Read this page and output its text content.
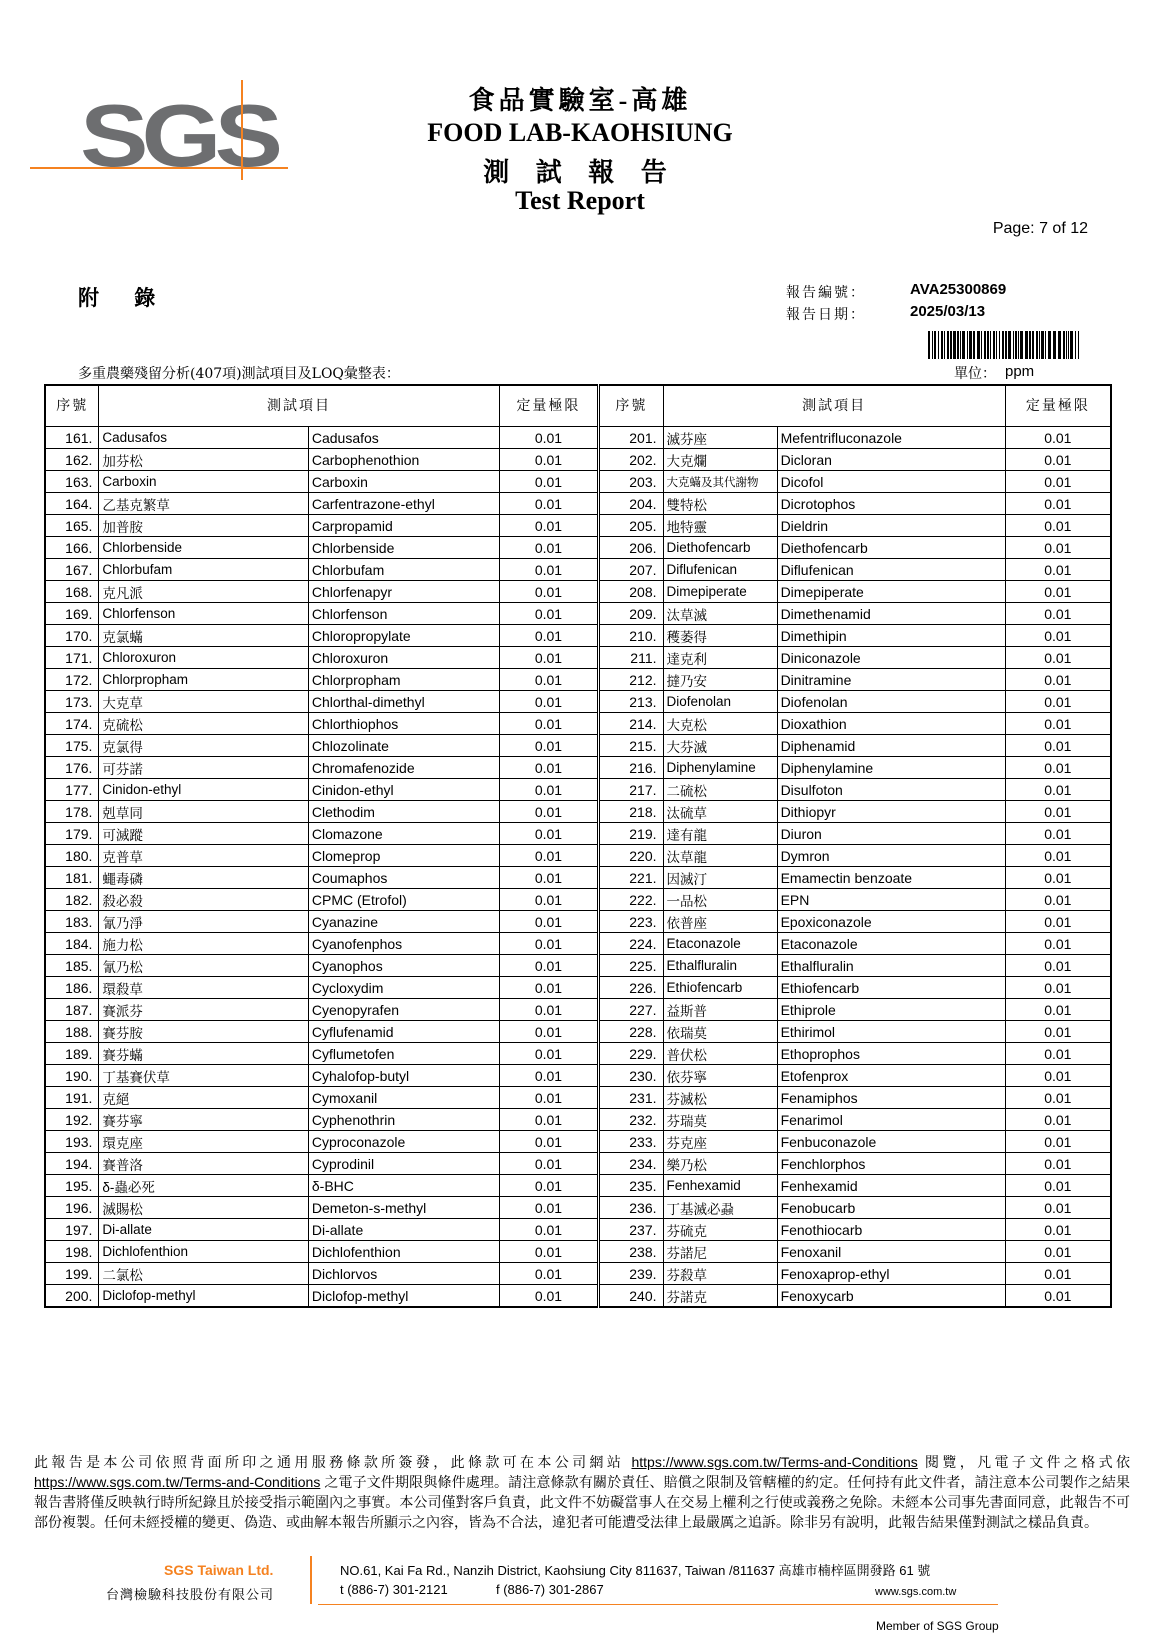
SGS	食品實驗室-高雄
FOOD LAB-KAOHSIUNG
測 試 報 告
Test Report
Page: 7 of 12
附 錄	報告編號：	AVA25300869
報告日期：	2025/03/13
多重農藥殘留分析(407項)測試項目及LOQ彙整表：	單位： ppm
序號	測試項目		定量極限	序號	測試項目		定量極限
161.	Cadusafos	Cadusafos	0.01	201.	滅芬座	Mefentrifluconazole	0.01
162.	加芬松	Carbophenothion	0.01	202.	大克爛	Dicloran	0.01
163.	Carboxin	Carboxin	0.01	203.	大克蟎及其代謝物	Dicofol	0.01
164.	乙基克繁草	Carfentrazone-ethyl	0.01	204.	雙特松	Dicrotophos	0.01
165.	加普胺	Carpropamid	0.01	205.	地特靈	Dieldrin	0.01
166.	Chlorbenside	Chlorbenside	0.01	206.	Diethofencarb	Diethofencarb	0.01
167.	Chlorbufam	Chlorbufam	0.01	207.	Diflufenican	Diflufenican	0.01
168.	克凡派	Chlorfenapyr	0.01	208.	Dimepiperate	Dimepiperate	0.01
169.	Chlorfenson	Chlorfenson	0.01	209.	汰草滅	Dimethenamid	0.01
170.	克氯蟎	Chloropropylate	0.01	210.	穫萎得	Dimethipin	0.01
171.	Chloroxuron	Chloroxuron	0.01	211.	達克利	Diniconazole	0.01
172.	Chlorpropham	Chlorpropham	0.01	212.	撻乃安	Dinitramine	0.01
173.	大克草	Chlorthal-dimethyl	0.01	213.	Diofenolan	Diofenolan	0.01
174.	克硫松	Chlorthiophos	0.01	214.	大克松	Dioxathion	0.01
175.	克氯得	Chlozolinate	0.01	215.	大芬滅	Diphenamid	0.01
176.	可芬諾	Chromafenozide	0.01	216.	Diphenylamine	Diphenylamine	0.01
177.	Cinidon-ethyl	Cinidon-ethyl	0.01	217.	二硫松	Disulfoton	0.01
178.	剋草同	Clethodim	0.01	218.	汰硫草	Dithiopyr	0.01
179.	可滅蹤	Clomazone	0.01	219.	達有龍	Diuron	0.01
180.	克普草	Clomeprop	0.01	220.	汰草龍	Dymron	0.01
181.	蠅毒磷	Coumaphos	0.01	221.	因滅汀	Emamectin benzoate	0.01
182.	殺必殺	CPMC (Etrofol)	0.01	222.	一品松	EPN	0.01
183.	氰乃淨	Cyanazine	0.01	223.	依普座	Epoxiconazole	0.01
184.	施力松	Cyanofenphos	0.01	224.	Etaconazole	Etaconazole	0.01
185.	氰乃松	Cyanophos	0.01	225.	Ethalfluralin	Ethalfluralin	0.01
186.	環殺草	Cycloxydim	0.01	226.	Ethiofencarb	Ethiofencarb	0.01
187.	賽派芬	Cyenopyrafen	0.01	227.	益斯普	Ethiprole	0.01
188.	賽芬胺	Cyflufenamid	0.01	228.	依瑞莫	Ethirimol	0.01
189.	賽芬蟎	Cyflumetofen	0.01	229.	普伏松	Ethoprophos	0.01
190.	丁基賽伏草	Cyhalofop-butyl	0.01	230.	依芬寧	Etofenprox	0.01
191.	克絕	Cymoxanil	0.01	231.	芬滅松	Fenamiphos	0.01
192.	賽芬寧	Cyphenothrin	0.01	232.	芬瑞莫	Fenarimol	0.01
193.	環克座	Cyproconazole	0.01	233.	芬克座	Fenbuconazole	0.01
194.	賽普洛	Cyprodinil	0.01	234.	樂乃松	Fenchlorphos	0.01
195.	δ-蟲必死	δ-BHC	0.01	235.	Fenhexamid	Fenhexamid	0.01
196.	滅賜松	Demeton-s-methyl	0.01	236.	丁基滅必蝨	Fenobucarb	0.01
197.	Di-allate	Di-allate	0.01	237.	芬硫克	Fenothiocarb	0.01
198.	Dichlofenthion	Dichlofenthion	0.01	238.	芬諾尼	Fenoxanil	0.01
199.	二氯松	Dichlorvos	0.01	239.	芬殺草	Fenoxaprop-ethyl	0.01
200.	Diclofop-methyl	Diclofop-methyl	0.01	240.	芬諾克	Fenoxycarb	0.01
此報告是本公司依照背面所印之通用服務條款所簽發，此條款可在本公司網站 https://www.sgs.com.tw/Terms-and-Conditions 閱覽，凡電子文件之格式依 https://www.sgs.com.tw/Terms-and-Conditions 之電子文件期限與條件處理。請注意條款有關於責任、賠償之限制及管轄權的約定。任何持有此文件者，請注意本公司製作之結果報告書將僅反映執行時所紀錄且於接受指示範圍內之事實。本公司僅對客戶負責，此文件不妨礙當事人在交易上權利之行使或義務之免除。未經本公司事先書面同意，此報告不可部份複製。任何未經授權的變更、偽造、或曲解本報告所顯示之內容，皆為不合法，違犯者可能遭受法律上最嚴厲之追訴。除非另有說明，此報告結果僅對測試之樣品負責。
SGS Taiwan Ltd.
台灣檢驗科技股份有限公司
NO.61, Kai Fa Rd., Nanzih District, Kaohsiung City 811637, Taiwan /811637 高雄市楠梓區開發路 61 號
t (886-7) 301-2121	f (886-7) 301-2867	www.sgs.com.tw
Member of SGS Group
